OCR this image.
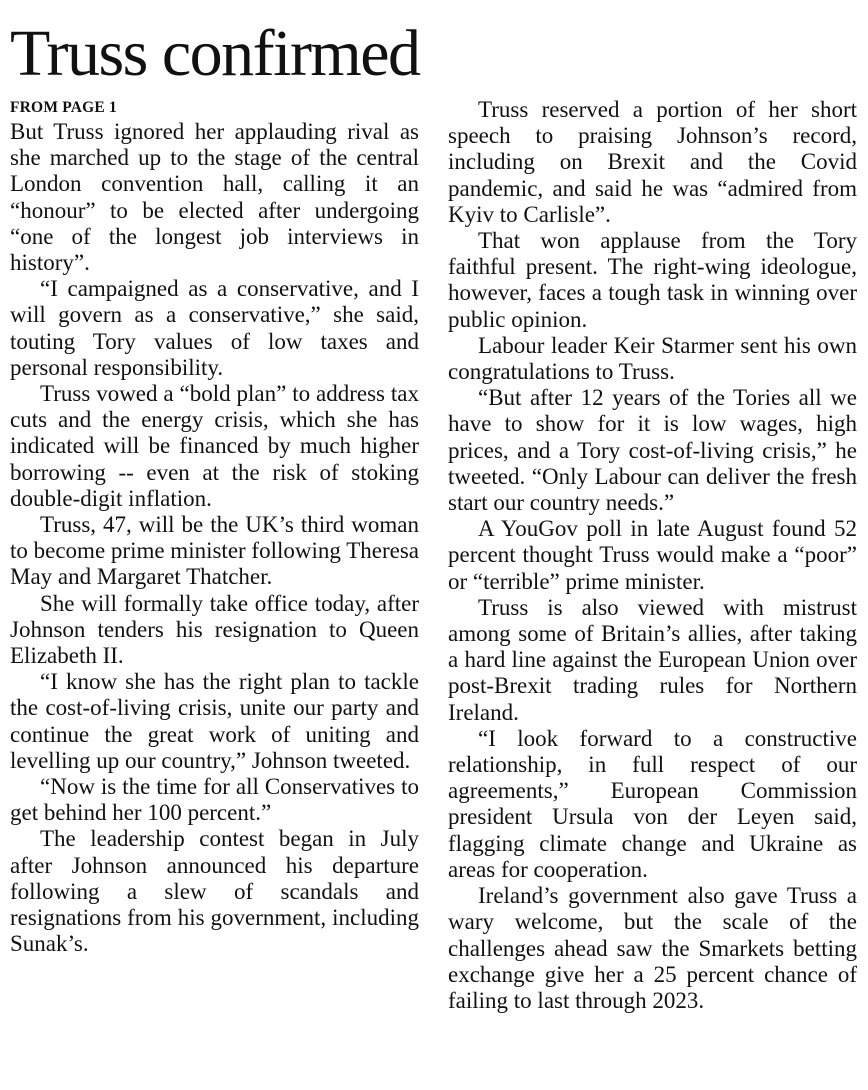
Truss confirmed
FROM PAGE 1

But Truss ignored her applauding rival as she marched up to the stage of the central London convention hall, calling it an “honour” to be elected after undergoing “one of the longest job interviews in history”.

“I campaigned as a conservative, and I will govern as a conservative,” she said, touting Tory values of low taxes and personal responsibility.

Truss vowed a “bold plan” to address tax cuts and the energy crisis, which she has indicated will be financed by much higher borrowing -- even at the risk of stoking double-digit inflation.

Truss, 47, will be the UK’s third woman to become prime minister following Theresa May and Margaret Thatcher.

She will formally take office today, after Johnson tenders his resignation to Queen Elizabeth II.

“I know she has the right plan to tackle the cost-of-living crisis, unite our party and continue the great work of uniting and levelling up our country,” Johnson tweeted.

“Now is the time for all Conservatives to get behind her 100 percent.”

The leadership contest began in July after Johnson announced his departure following a slew of scandals and resignations from his government, including Sunak’s.

Truss reserved a portion of her short speech to praising Johnson’s record, including on Brexit and the Covid pandemic, and said he was “admired from Kyiv to Carlisle”.

That won applause from the Tory faithful present. The right-wing ideologue, however, faces a tough task in winning over public opinion.

Labour leader Keir Starmer sent his own congratulations to Truss.

“But after 12 years of the Tories all we have to show for it is low wages, high prices, and a Tory cost-of-living crisis,” he tweeted. “Only Labour can deliver the fresh start our country needs.”

A YouGov poll in late August found 52 percent thought Truss would make a “poor” or “terrible” prime minister.

Truss is also viewed with mistrust among some of Britain’s allies, after taking a hard line against the European Union over post-Brexit trading rules for Northern Ireland.

“I look forward to a constructive relationship, in full respect of our agreements,” European Commission president Ursula von der Leyen said, flagging climate change and Ukraine as areas for cooperation.

Ireland’s government also gave Truss a wary welcome, but the scale of the challenges ahead saw the Smarkets betting exchange give her a 25 percent chance of failing to last through 2023.
